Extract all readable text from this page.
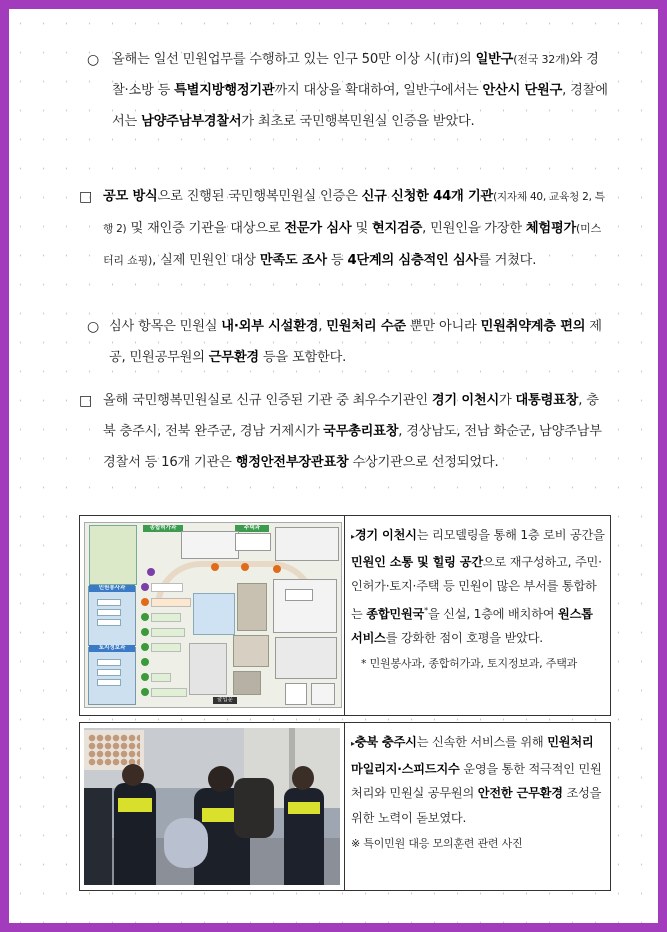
○ 올해는 일선 민원업무를 수행하고 있는 인구 50만 이상 시(市)의 일반구(전국 32개)와 경찰·소방 등 특별지방행정기관까지 대상을 확대하여, 일반구에서는 안산시 단원구, 경찰에서는 남양주남부경찰서가 최초로 국민행복민원실 인증을 받았다.
□ 공모 방식으로 진행된 국민행복민원실 인증은 신규 신청한 44개 기관(지자체 40, 교육청 2, 특행 2) 및 재인증 기관을 대상으로 전문가 심사 및 현지검증, 민원인을 가장한 체험평가(미스터리 쇼핑), 실제 민원인 대상 만족도 조사 등 4단계의 심층적인 심사를 거쳤다.
○ 심사 항목은 민원실 내·외부 시설환경, 민원처리 수준 뿐만 아니라 민원취약계층 편의 제공, 민원공무원의 근무환경 등을 포함한다.
□ 올해 국민행복민원실로 신규 인증된 기관 중 최우수기관인 경기 이천시가 대통령표창, 충북 충주시, 전북 완주군, 경남 거제시가 국무총리표창, 경상남도, 전남 화순군, 남양주남부경찰서 등 16개 기관은 행정안전부장관표창 수상기관으로 선정되었다.
민원봉사과
토지정보과
종합허가과	주택과
출입문
▸경기 이천시는 리모델링을 통해 1층 로비 공간을 민원인 소통 및 힐링 공간으로 재구성하고, 주민·인허가·토지·주택 등 민원이 많은 부서를 통합하는 종합민원국*을 신설, 1층에 배치하여 원스톱 서비스를 강화한 점이 호평을 받았다.
* 민원봉사과, 종합허가과, 토지정보과, 주택과
▸충북 충주시는 신속한 서비스를 위해 민원처리 마일리지·스피드지수 운영을 통한 적극적인 민원처리와 민원실 공무원의 안전한 근무환경 조성을 위한 노력이 돋보였다.
※ 특이민원 대응 모의훈련 관련 사진
